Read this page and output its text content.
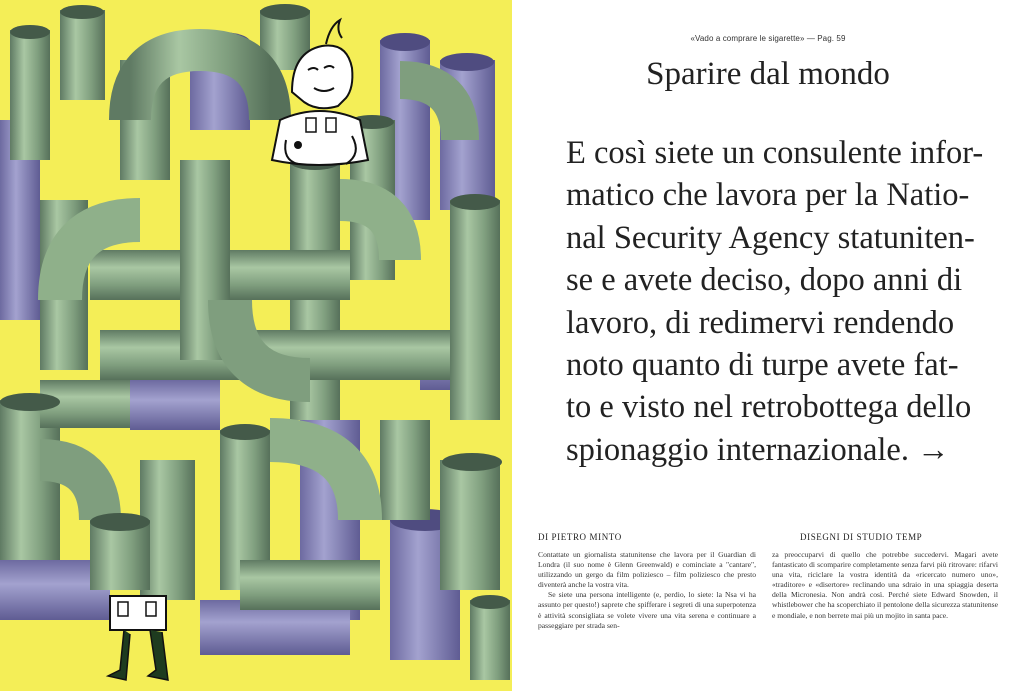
«Vado a comprare le sigarette» — Pag. 59
Sparire dal mondo
E così siete un consulente infor-
matico che lavora per la Natio-
nal Security Agency statuniten-
se e avete deciso, dopo anni di
lavoro, di redimervi rendendo
noto quanto di turpe avete fat-
to e visto nel retrobottega dello
spionaggio internazionale. →
DI PIETRO MINTO	DISEGNI DI STUDIO TEMP

Contattate un giornalista statunitense che lavora per il Guardian di Londra (il suo nome è Glenn Greenwald) e cominciate a "cantare", utilizzando un gergo da film poliziesco – film poliziesco che presto diventerà anche la vostra vita.

Se siete una persona intelligente (e, perdio, lo siete: la Nsa vi ha assunto per questo!) saprete che spifferare i segreti di una superpotenza è attività sconsigliata se volete vivere una vita serena e continuare a passeggiare per strada sen-

za preoccuparvi di quello che potrebbe succedervi. Magari avete fantasticato di scomparire completamente senza farvi più ritrovare: rifarvi una vita, riciclare la vostra identità da «ricercato numero uno», «traditore» e «disertore» reclinando una sdraio in una spiaggia deserta della Micronesia. Non andrà così. Perché siete Edward Snowden, il whistlebower che ha scoperchiato il pentolone della sicurezza statunitense e mondiale, e non berrete mai più un mojito in santa pace.
